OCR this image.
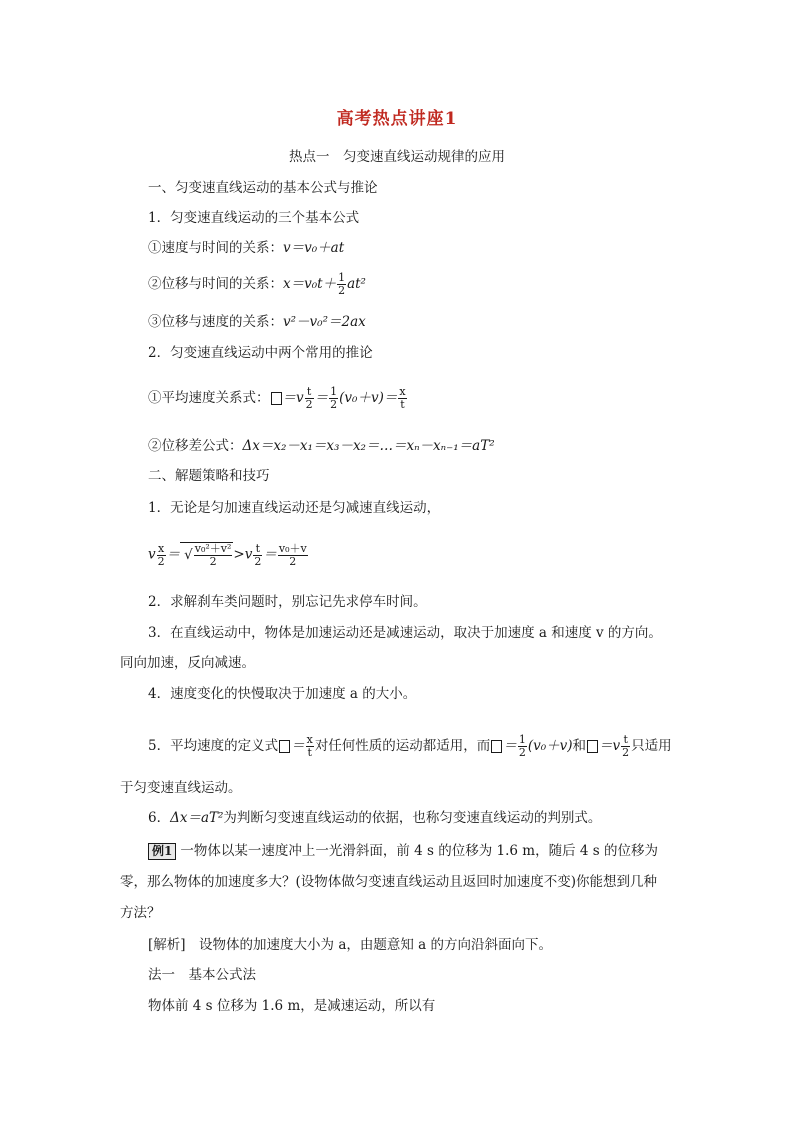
高考热点讲座1
热点一　匀变速直线运动规律的应用
一、匀变速直线运动的基本公式与推论
1．匀变速直线运动的三个基本公式
①速度与时间的关系：v＝v₀＋at
②位移与时间的关系：$x=v_0t+ \frac{1}{2} at^2$
③位移与速度的关系：v²－v₀²＝2ax
2．匀变速直线运动中两个常用的推论
①平均速度关系式： $=v \frac{t}{2} = \frac{1}{2} (v_0+v)= \frac{x}{t}$
②位移差公式：Δx＝x₂－x₁＝x₃－x₂＝…＝xₙ－xₙ₋₁＝aT²
二、解题策略和技巧
1．无论是匀加速直线运动还是匀减速直线运动，
v $\frac{x}{2}$ ＝ √ $\frac{\text{v₀²＋v²}}{2} >v \frac{t}{2} = \frac{\text{v₀＋v}}{2}$
2．求解刹车类问题时，别忘记先求停车时间。
3．在直线运动中，物体是加速运动还是减速运动，取决于加速度 a 和速度 v 的方向。
同向加速，反向减速。
4．速度变化的快慢取决于加速度 a 的大小。
5．平均速度的定义式 ＝ $\frac{x}{t}$ 对任何性质的运动都适用，而 ＝ $\frac{1}{2} (v_0+v)$和 $=v \frac{t}{2}$ 只适用
于匀变速直线运动。
6．Δx＝aT²为判断匀变速直线运动的依据，也称匀变速直线运动的判别式。
例1 一物体以某一速度冲上一光滑斜面，前 4 s 的位移为 1.6 m，随后 4 s 的位移为
零，那么物体的加速度多大？(设物体做匀变速直线运动且返回时加速度不变)你能想到几种
方法？
[解析]　设物体的加速度大小为 a，由题意知 a 的方向沿斜面向下。
法一　基本公式法
物体前 4 s 位移为 1.6 m，是减速运动，所以有
